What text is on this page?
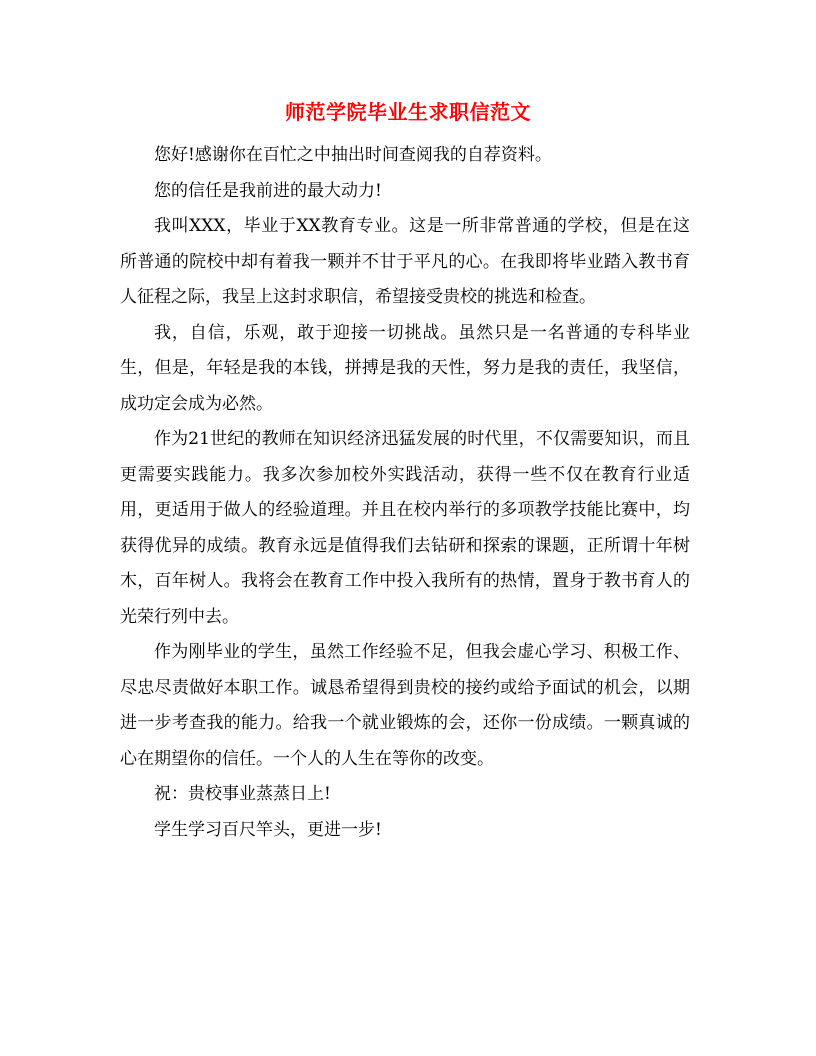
师范学院毕业生求职信范文

您好!感谢你在百忙之中抽出时间查阅我的自荐资料。

您的信任是我前进的最大动力!

我叫XXX，毕业于XX教育专业。这是一所非常普通的学校，但是在这所普通的院校中却有着我一颗并不甘于平凡的心。在我即将毕业踏入教书育人征程之际，我呈上这封求职信，希望接受贵校的挑选和检查。

我，自信，乐观，敢于迎接一切挑战。虽然只是一名普通的专科毕业生，但是，年轻是我的本钱，拼搏是我的天性，努力是我的责任，我坚信，成功定会成为必然。

作为21世纪的教师在知识经济迅猛发展的时代里，不仅需要知识，而且更需要实践能力。我多次参加校外实践活动，获得一些不仅在教育行业适用，更适用于做人的经验道理。并且在校内举行的多项教学技能比赛中，均获得优异的成绩。教育永远是值得我们去钻研和探索的课题，正所谓十年树木，百年树人。我将会在教育工作中投入我所有的热情，置身于教书育人的光荣行列中去。

作为刚毕业的学生，虽然工作经验不足，但我会虚心学习、积极工作、尽忠尽责做好本职工作。诚恳希望得到贵校的接约或给予面试的机会，以期进一步考查我的能力。给我一个就业锻炼的会，还你一份成绩。一颗真诚的心在期望你的信任。一个人的人生在等你的改变。

祝：贵校事业蒸蒸日上!

学生学习百尺竿头，更进一步!
